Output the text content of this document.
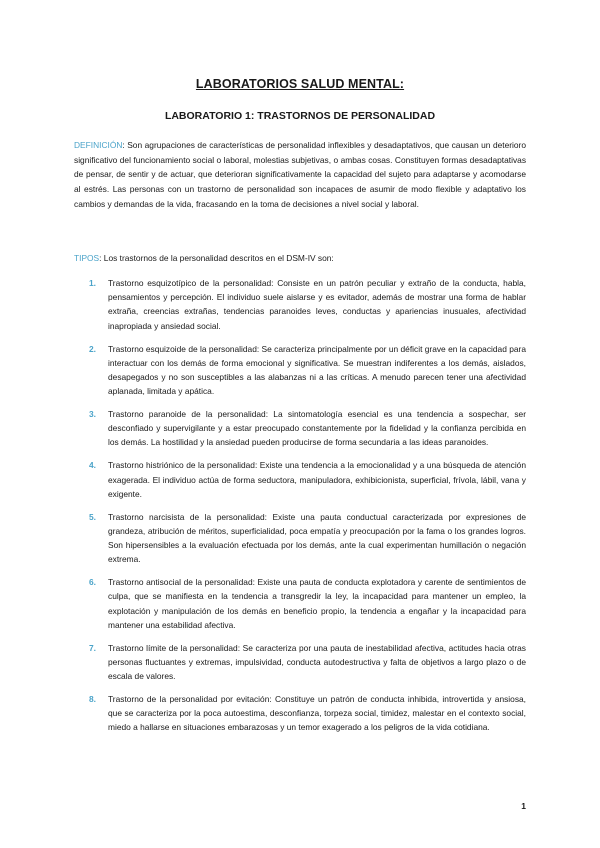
LABORATORIOS SALUD MENTAL:
LABORATORIO 1: TRASTORNOS DE PERSONALIDAD

DEFINICIÓN: Son agrupaciones de características de personalidad inflexibles y desadaptativos, que causan un deterioro significativo del funcionamiento social o laboral, molestias subjetivas, o ambas cosas. Constituyen formas desadaptativas de pensar, de sentir y de actuar, que deterioran significativamente la capacidad del sujeto para adaptarse y acomodarse al estrés. Las personas con un trastorno de personalidad son incapaces de asumir de modo flexible y adaptativo los cambios y demandas de la vida, fracasando en la toma de decisiones a nivel social y laboral.

TIPOS: Los trastornos de la personalidad descritos en el DSM-IV son:

1. Trastorno esquizotípico de la personalidad: Consiste en un patrón peculiar y extraño de la conducta, habla, pensamientos y percepción. El individuo suele aislarse y es evitador, además de mostrar una forma de hablar extraña, creencias extrañas, tendencias paranoides leves, conductas y apariencias inusuales, afectividad inapropiada y ansiedad social.
2. Trastorno esquizoide de la personalidad: Se caracteriza principalmente por un déficit grave en la capacidad para interactuar con los demás de forma emocional y significativa. Se muestran indiferentes a los demás, aislados, desapegados y no son susceptibles a las alabanzas ni a las críticas. A menudo parecen tener una afectividad aplanada, limitada y apática.
3. Trastorno paranoide de la personalidad: La sintomatología esencial es una tendencia a sospechar, ser desconfiado y supervigilante y a estar preocupado constantemente por la fidelidad y la confianza percibida en los demás. La hostilidad y la ansiedad pueden producirse de forma secundaria a las ideas paranoides.
4. Trastorno histriónico de la personalidad: Existe una tendencia a la emocionalidad y a una búsqueda de atención exagerada. El individuo actúa de forma seductora, manipuladora, exhibicionista, superficial, frívola, lábil, vana y exigente.
5. Trastorno narcisista de la personalidad: Existe una pauta conductual caracterizada por expresiones de grandeza, atribución de méritos, superficialidad, poca empatía y preocupación por la fama o los grandes logros. Son hipersensibles a la evaluación efectuada por los demás, ante la cual experimentan humillación o negación extrema.
6. Trastorno antisocial de la personalidad: Existe una pauta de conducta explotadora y carente de sentimientos de culpa, que se manifiesta en la tendencia a transgredir la ley, la incapacidad para mantener un empleo, la explotación y manipulación de los demás en beneficio propio, la tendencia a engañar y la incapacidad para mantener una estabilidad afectiva.
7. Trastorno límite de la personalidad: Se caracteriza por una pauta de inestabilidad afectiva, actitudes hacia otras personas fluctuantes y extremas, impulsividad, conducta autodestructiva y falta de objetivos a largo plazo o de escala de valores.
8. Trastorno de la personalidad por evitación: Constituye un patrón de conducta inhibida, introvertida y ansiosa, que se caracteriza por la poca autoestima, desconfianza, torpeza social, timidez, malestar en el contexto social, miedo a hallarse en situaciones embarazosas y un temor exagerado a los peligros de la vida cotidiana.
1
